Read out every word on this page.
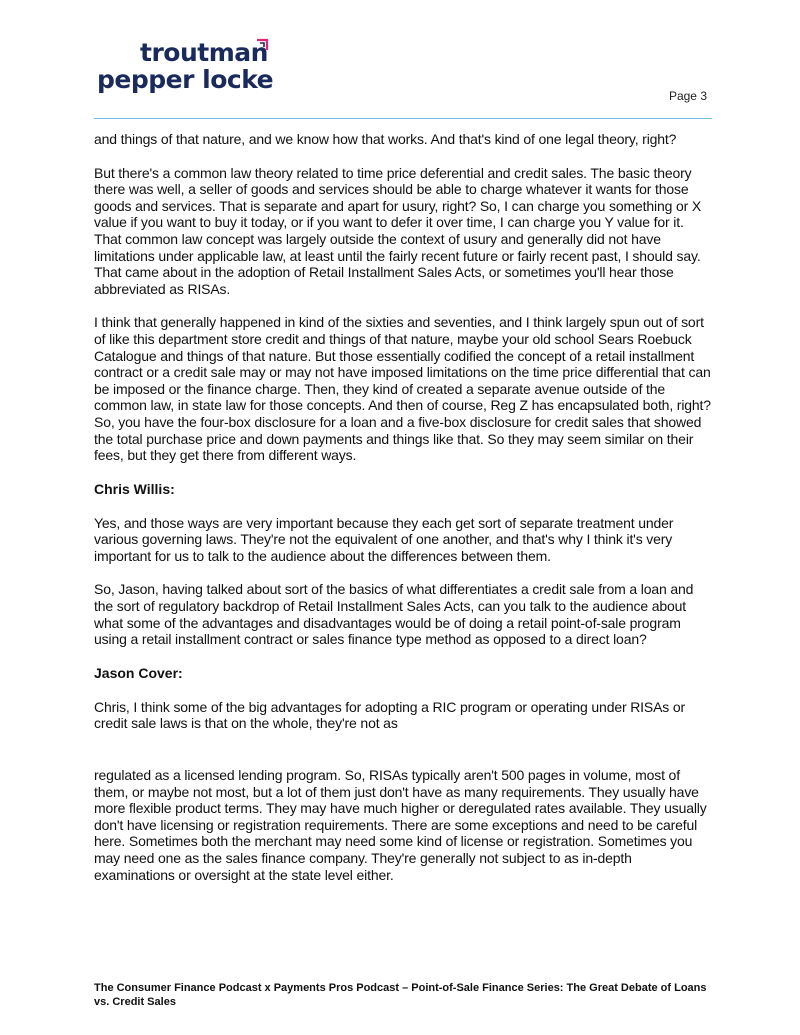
troutman
pepper locke
Page 3

and things of that nature, and we know how that works. And that's kind of one legal theory, right?

But there's a common law theory related to time price deferential and credit sales. The basic theory there was well, a seller of goods and services should be able to charge whatever it wants for those goods and services. That is separate and apart for usury, right? So, I can charge you something or X value if you want to buy it today, or if you want to defer it over time, I can charge you Y value for it. That common law concept was largely outside the context of usury and generally did not have limitations under applicable law, at least until the fairly recent future or fairly recent past, I should say. That came about in the adoption of Retail Installment Sales Acts, or sometimes you'll hear those abbreviated as RISAs.

I think that generally happened in kind of the sixties and seventies, and I think largely spun out of sort of like this department store credit and things of that nature, maybe your old school Sears Roebuck Catalogue and things of that nature. But those essentially codified the concept of a retail installment contract or a credit sale may or may not have imposed limitations on the time price differential that can be imposed or the finance charge. Then, they kind of created a separate avenue outside of the common law, in state law for those concepts. And then of course, Reg Z has encapsulated both, right? So, you have the four-box disclosure for a loan and a five-box disclosure for credit sales that showed the total purchase price and down payments and things like that. So they may seem similar on their fees, but they get there from different ways.

Chris Willis:

Yes, and those ways are very important because they each get sort of separate treatment under various governing laws. They're not the equivalent of one another, and that's why I think it's very important for us to talk to the audience about the differences between them.

So, Jason, having talked about sort of the basics of what differentiates a credit sale from a loan and the sort of regulatory backdrop of Retail Installment Sales Acts, can you talk to the audience about what some of the advantages and disadvantages would be of doing a retail point-of-sale program using a retail installment contract or sales finance type method as opposed to a direct loan?

Jason Cover:

Chris, I think some of the big advantages for adopting a RIC program or operating under RISAs or credit sale laws is that on the whole, they're not as

regulated as a licensed lending program. So, RISAs typically aren't 500 pages in volume, most of them, or maybe not most, but a lot of them just don't have as many requirements. They usually have more flexible product terms. They may have much higher or deregulated rates available. They usually don't have licensing or registration requirements. There are some exceptions and need to be careful here. Sometimes both the merchant may need some kind of license or registration. Sometimes you may need one as the sales finance company. They're generally not subject to as in-depth examinations or oversight at the state level either.

The Consumer Finance Podcast x Payments Pros Podcast – Point-of-Sale Finance Series: The Great Debate of Loans vs. Credit Sales
